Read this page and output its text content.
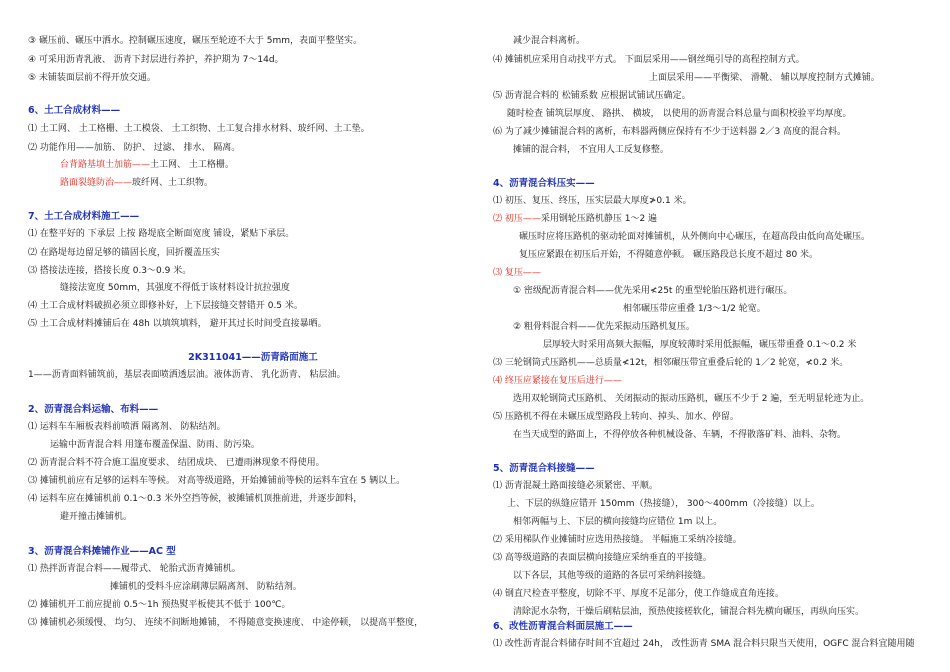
③ 碾压前、碾压中洒水。控制碾压速度，碾压至轮迹不大于 5mm，表面平整坚实。
④ 可采用沥青乳液、 沥青下封层进行养护，养护期为 7～14d。
⑤ 未铺装面层前不得开放交通。
6、土工合成材料——
⑴ 土工网、 土工格栅、土工模袋、 土工织物、土工复合排水材料、玻纤网、土工垫。
⑵ 功能作用——加筋、 防护、 过滤、 排水、 隔离。
台背路基填土加筋——土工网、 土工格栅。
路面裂缝防治——玻纤网、土工织物。
7、土工合成材料施工——
⑴ 在整平好的 下承层 上按 路堤底全断面宽度 铺设，紧贴下承层。
⑵ 在路堤每边留足够的锚固长度，回折覆盖压实
⑶ 搭接法连接，搭接长度 0.3～0.9 米。
缝接法宽度 50mm，其强度不得低于该材料设计抗拉强度
⑷ 土工合成材料破损必须立即修补好，上下层接缝交替错开 0.5 米。
⑸ 土工合成材料摊铺后在 48h 以填筑填料， 避开其过长时间受直接暴晒。
2K311041——沥青路面施工
1——沥青面料铺筑前，基层表面喷洒透层油。液体沥青、 乳化沥青、 粘层油。
2、沥青混合料运输、布料——
⑴ 运料车车厢板表料前喷洒 隔离剂、 防粘结剂。
运输中沥青混合料 用篷布覆盖保温、防雨、防污染。
⑵ 沥青混合料不符合施工温度要求、 结团成块、 已遭雨淋现象不得使用。
⑶ 摊铺机前应有足够的运料车等候。 对高等级道路，开始摊铺前等候的运料车宜在 5 辆以上。
⑷ 运料车应在摊铺机前 0.1～0.3 米外空挡等候，被摊铺机顶推前进，并逐步卸料，
避开撞击摊铺机。
3、沥青混合料摊铺作业——AC 型
⑴ 热拌沥青混合料——履带式、 轮胎式沥青摊铺机。
摊铺机的受料斗应涂刷薄层隔离剂、 防粘结剂。
⑵ 摊铺机开工前应提前 0.5～1h 预热熨平板使其不低于 100℃。
⑶ 摊铺机必须缓慢、 均匀、 连续不间断地摊铺， 不得随意变换速度、 中途停顿， 以提高平整度，
减少混合料离析。
⑷ 摊铺机应采用自动找平方式。 下面层采用——钢丝绳引导的高程控制方式。
上面层采用——平衡梁、 滑靴、 辅以厚度控制方式摊铺。
⑸ 沥青混合料的 松铺系数 应根据试铺试压确定。
随时检查 铺筑层厚度、 路拱、 横坡， 以使用的沥青混合料总量与面积校验平均厚度。
⑹ 为了减少摊铺混合料的离析，布料器两侧应保持有不少于送料器 2／3 高度的混合料。
摊铺的混合料， 不宜用人工反复修整。
4、沥青混合料压实——
⑴ 初压、复压、终压，压实层最大厚度≯0.1 米。
⑵ 初压——采用钢轮压路机静压 1～2 遍
碾压时应将压路机的驱动轮面对摊铺机，从外侧向中心碾压，在超高段由低向高处碾压。
复压应紧跟在初压后开始，不得随意停顿。 碾压路段总长度不超过 80 米。
⑶ 复压——
① 密级配沥青混合料——优先采用≮25t 的重型轮胎压路机进行碾压。
相邻碾压带应重叠 1/3～1/2 轮宽。
② 粗骨料混合料——优先采振动压路机复压。
层厚较大时采用高频大振幅，厚度较薄时采用低振幅，碾压带重叠 0.1～0.2 米
⑶ 三轮钢筒式压路机——总质量≮12t，相邻碾压带宜重叠后轮的 1／2 轮宽，≮0.2 米。
⑷ 终压应紧接在复压后进行——
选用双轮钢筒式压路机、 关闭振动的振动压路机，碾压不少于 2 遍，至无明显轮迹为止。
⑸ 压路机不得在未碾压成型路段上转向、掉头、加水、停留。
在当天成型的路面上，不得停放各种机械设备、车辆，不得散落矿料、油料、杂物。
5、沥青混合料接缝——
⑴ 沥青混凝土路面接缝必须紧密、平顺。
上、下层的纵缝应错开 150mm（热接缝）， 300～400mm（冷接缝）以上。
相邻两幅与上、下层的横向接缝均应错位 1m 以上。
⑵ 采用梯队作业摊铺时应选用热接缝。 半幅施工采纳冷接缝。
⑶ 高等级道路的表面层横向接缝应采纳垂直的平接缝。
以下各层，其他等级的道路的各层可采纳斜接缝。
⑷ 钢直尺检查平整度，切除不平、厚度不足部分，使工作缝成直角连接。
清除泥水杂物，干燥后刷粘层油，预热使接槎软化，铺混合料先横向碾压，再纵向压实。
6、改性沥青混合料面层施工——
⑴ 改性沥青混合料储存时间不宜超过 24h， 改性沥青 SMA 混合料只限当天使用，OGFC 混合料宜随用随
